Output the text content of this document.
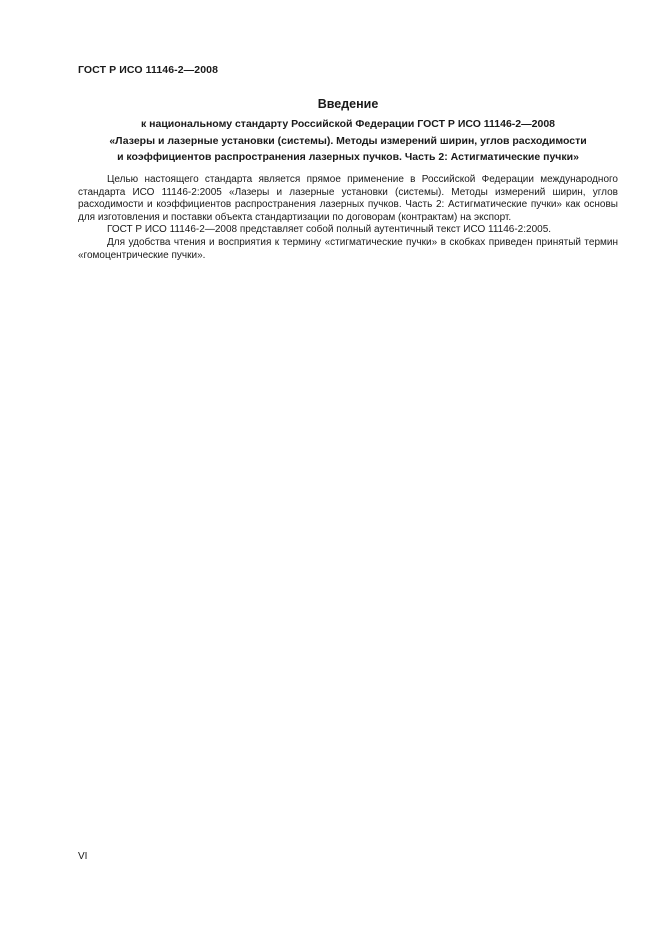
ГОСТ Р ИСО 11146-2—2008
Введение
к национальному стандарту Российской Федерации ГОСТ Р ИСО 11146-2—2008
«Лазеры и лазерные установки (системы). Методы измерений ширин, углов расходимости
и коэффициентов распространения лазерных пучков. Часть 2: Астигматические пучки»

Целью настоящего стандарта является прямое применение в Российской Федерации международного стандарта ИСО 11146-2:2005 «Лазеры и лазерные установки (системы). Методы измерений ширин, углов расходимости и коэффициентов распространения лазерных пучков. Часть 2: Астигматические пучки» как основы для изготовления и поставки объекта стандартизации по договорам (контрактам) на экспорт.

ГОСТ Р ИСО 11146-2—2008 представляет собой полный аутентичный текст ИСО 11146-2:2005.

Для удобства чтения и восприятия к термину «стигматические пучки» в скобках приведен принятый термин «гомоцентрические пучки».

VI
